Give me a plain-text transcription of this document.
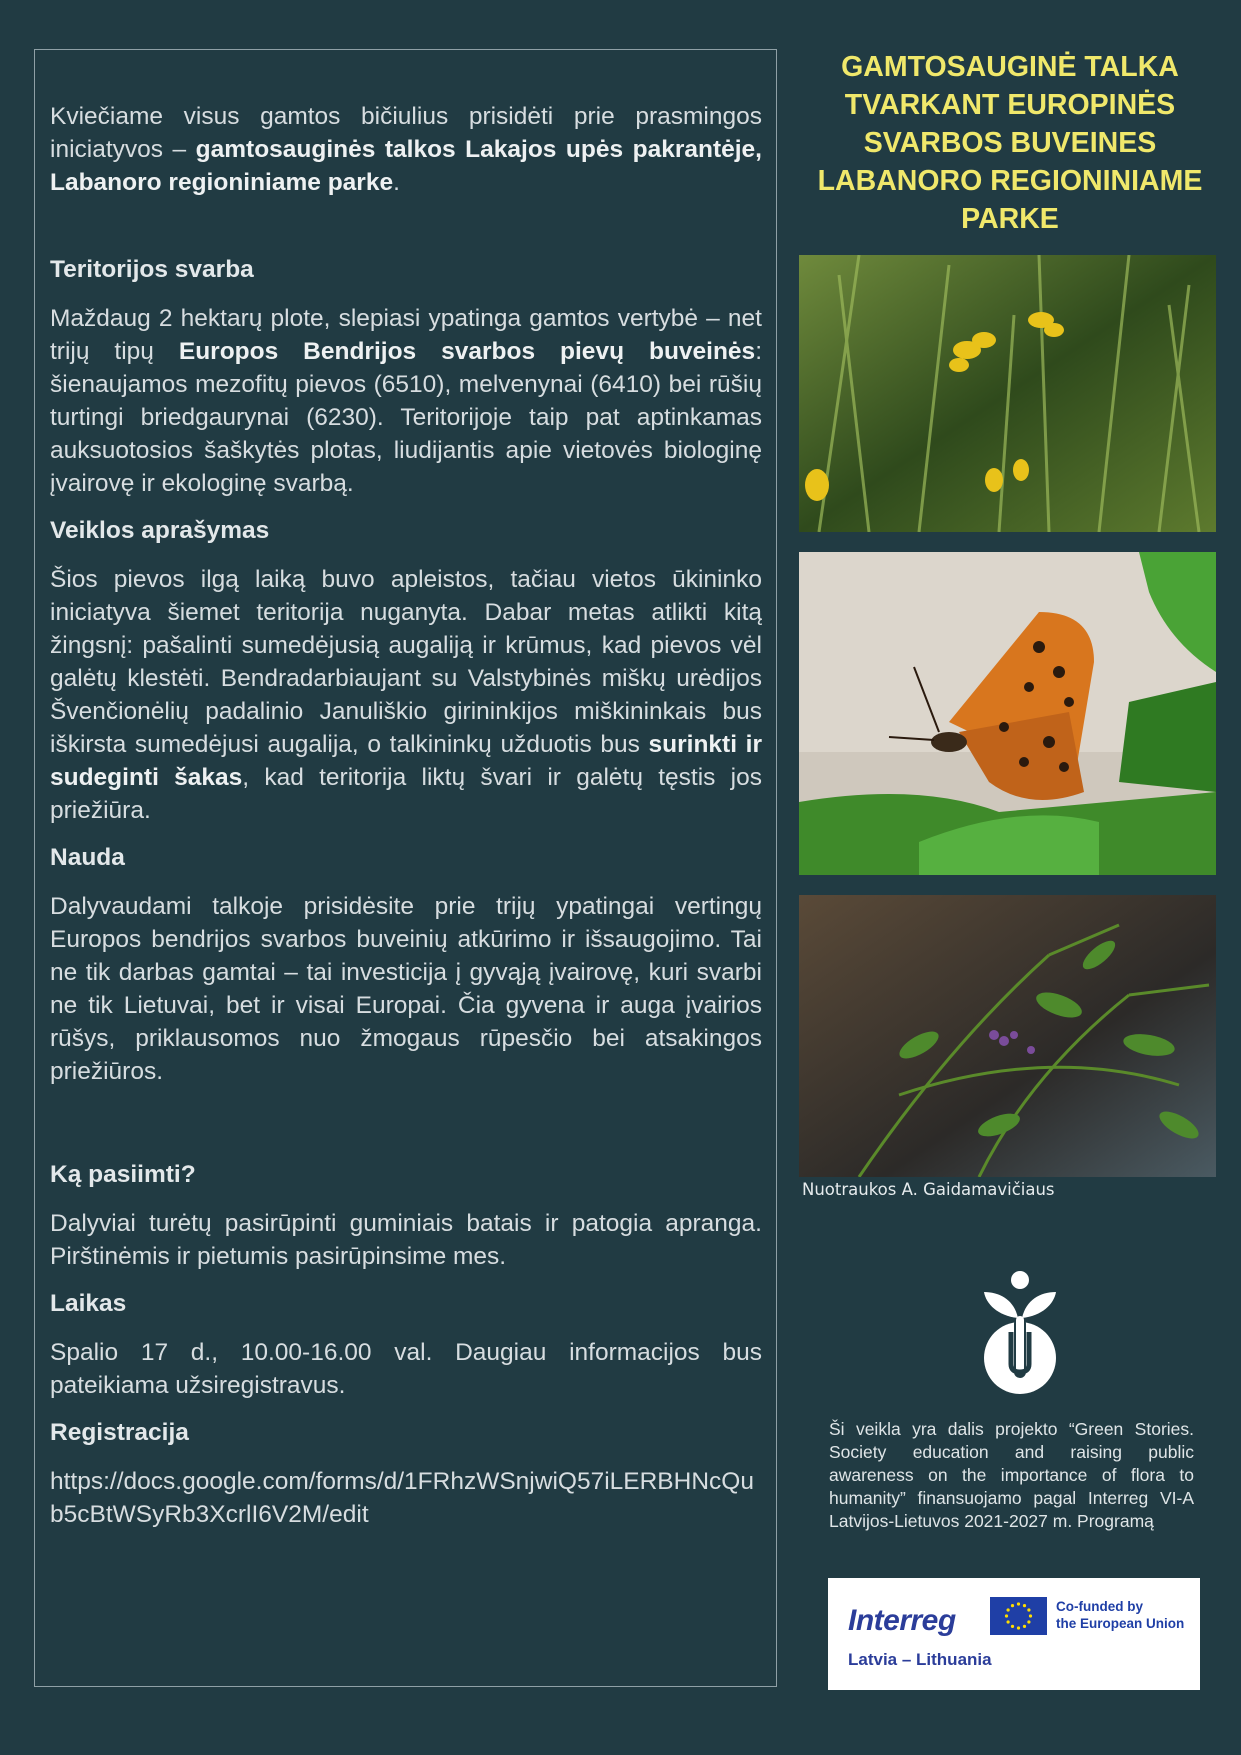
Kviečiame visus gamtos bičiulius prisidėti prie prasmingos iniciatyvos – gamtosauginės talkos Lakajos upės pakrantėje, Labanoro regioniniame parke.

Teritorijos svarba

Maždaug 2 hektarų plote, slepiasi ypatinga gamtos vertybė – net trijų tipų Europos Bendrijos svarbos pievų buveinės: šienaujamos mezofitų pievos (6510), melvenynai (6410) bei rūšių turtingi briedgaurynai (6230). Teritorijoje taip pat aptinkamas auksuotosios šaškytės plotas, liudijantis apie vietovės biologinę įvairovę ir ekologinę svarbą.

Veiklos aprašymas

Šios pievos ilgą laiką buvo apleistos, tačiau vietos ūkininko iniciatyva šiemet teritorija nuganyta. Dabar metas atlikti kitą žingsnį: pašalinti sumedėjusią augaliją ir krūmus, kad pievos vėl galėtų klestėti. Bendradarbiaujant su Valstybinės miškų urėdijos Švenčionėlių padalinio Januliškio girininkijos miškininkais bus iškirsta sumedėjusi augalija, o talkininkų užduotis bus surinkti ir sudeginti šakas, kad teritorija liktų švari ir galėtų tęstis jos priežiūra.

Nauda

Dalyvaudami talkoje prisidėsite prie trijų ypatingai vertingų Europos bendrijos svarbos buveinių atkūrimo ir išsaugojimo. Tai ne tik darbas gamtai – tai investicija į gyvąją įvairovę, kuri svarbi ne tik Lietuvai, bet ir visai Europai. Čia gyvena ir auga įvairios rūšys, priklausomos nuo žmogaus rūpesčio bei atsakingos priežiūros.

Ką pasiimti?

Dalyviai turėtų pasirūpinti guminiais batais ir patogia apranga. Pirštinėmis ir pietumis pasirūpinsime mes.

Laikas

Spalio 17 d., 10.00-16.00 val. Daugiau informacijos bus pateikiama užsiregistravus.

Registracija

https://docs.google.com/forms/d/1FRhzWSnjwiQ57iLERBHNcQub5cBtWSyRb3XcrlI6V2M/edit

GAMTOSAUGINĖ TALKA TVARKANT EUROPINĖS SVARBOS BUVEINES LABANORO REGIONINIAME PARKE
Nuotraukos A. Gaidamavičiaus

Ši veikla yra dalis projekto “Green Stories. Society education and raising public awareness on the importance of flora to humanity” finansuojamo pagal Interreg VI-A Latvijos-Lietuvos 2021-2027 m. Programą

Interreg
Latvia – Lithuania
Co-funded by
the European Union
